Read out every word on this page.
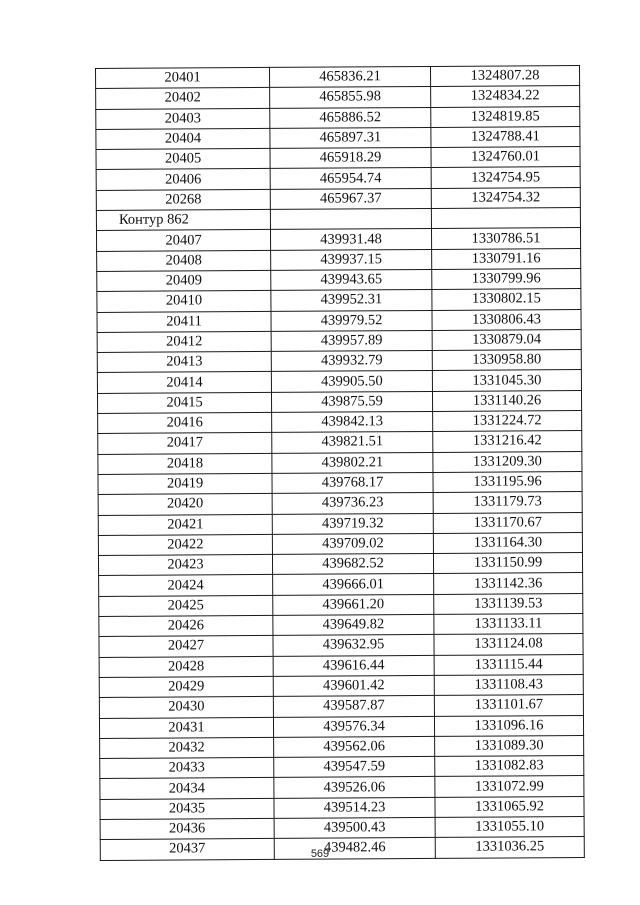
20401	465836.21	1324807.28
20402	465855.98	1324834.22
20403	465886.52	1324819.85
20404	465897.31	1324788.41
20405	465918.29	1324760.01
20406	465954.74	1324754.95
20268	465967.37	1324754.32
Контур 862		
20407	439931.48	1330786.51
20408	439937.15	1330791.16
20409	439943.65	1330799.96
20410	439952.31	1330802.15
20411	439979.52	1330806.43
20412	439957.89	1330879.04
20413	439932.79	1330958.80
20414	439905.50	1331045.30
20415	439875.59	1331140.26
20416	439842.13	1331224.72
20417	439821.51	1331216.42
20418	439802.21	1331209.30
20419	439768.17	1331195.96
20420	439736.23	1331179.73
20421	439719.32	1331170.67
20422	439709.02	1331164.30
20423	439682.52	1331150.99
20424	439666.01	1331142.36
20425	439661.20	1331139.53
20426	439649.82	1331133.11
20427	439632.95	1331124.08
20428	439616.44	1331115.44
20429	439601.42	1331108.43
20430	439587.87	1331101.67
20431	439576.34	1331096.16
20432	439562.06	1331089.30
20433	439547.59	1331082.83
20434	439526.06	1331072.99
20435	439514.23	1331065.92
20436	439500.43	1331055.10
20437	439482.46	1331036.25
569
